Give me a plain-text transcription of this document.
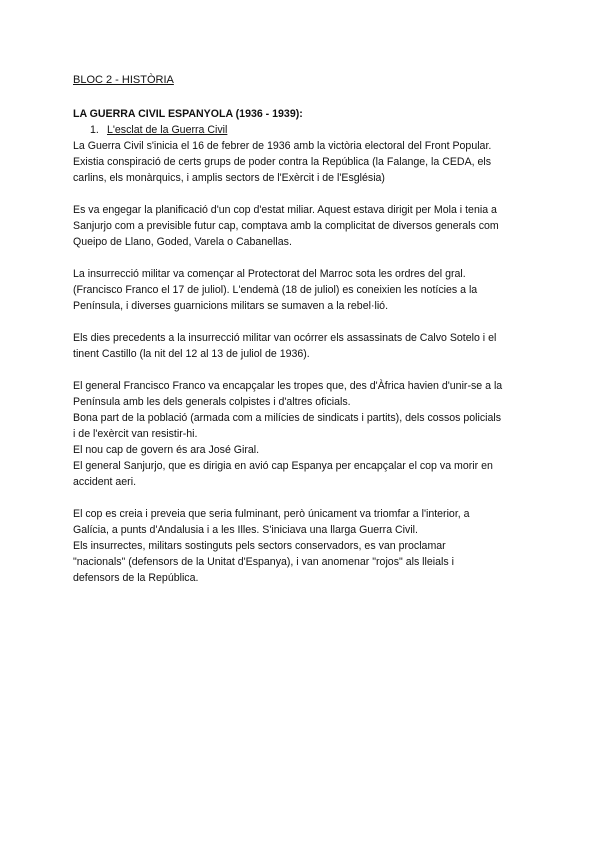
BLOC 2 - HISTÒRIA
LA GUERRA CIVIL ESPANYOLA (1936 - 1939):
1. L'esclat de la Guerra Civil
La Guerra Civil s'inicia el 16 de febrer de 1936 amb la victòria electoral del Front Popular.
Existia conspiració de certs grups de poder contra la República (la Falange, la CEDA, els
carlins, els monàrquics, i amplis sectors de l'Exèrcit i de l'Església)
Es va engegar la planificació d'un cop d'estat miliar. Aquest estava dirigit per Mola i tenia a
Sanjurjo com a previsible futur cap, comptava amb la complicitat de diversos generals com
Queipo de Llano, Goded, Varela o Cabanellas.
La insurrecció militar va començar al Protectorat del Marroc sota les ordres del gral.
(Francisco Franco el 17 de juliol). L'endemà (18 de juliol) es coneixien les notícies a la
Península, i diverses guarnicions militars se sumaven a la rebel·lió.
Els dies precedents a la insurrecció militar van ocórrer els assassinats de Calvo Sotelo i el
tinent Castillo (la nit del 12 al 13 de juliol de 1936).
El general Francisco Franco va encapçalar les tropes que, des d'Àfrica havien d'unir-se a la
Península amb les dels generals colpistes i d'altres oficials.
Bona part de la població (armada com a milícies de sindicats i partits), dels cossos policials
i de l'exèrcit van resistir-hi.
El nou cap de govern és ara José Giral.
El general Sanjurjo, que es dirigia en avió cap Espanya per encapçalar el cop va morir en
accident aeri.
El cop es creia i preveia que seria fulminant, però únicament va triomfar a l'interior, a
Galícia, a punts d'Andalusia i a les Illes. S'iniciava una llarga Guerra Civil.
Els insurrectes, militars sostinguts pels sectors conservadors, es van proclamar
"nacionals" (defensors de la Unitat d'Espanya), i van anomenar "rojos" als lleials i
defensors de la República.
